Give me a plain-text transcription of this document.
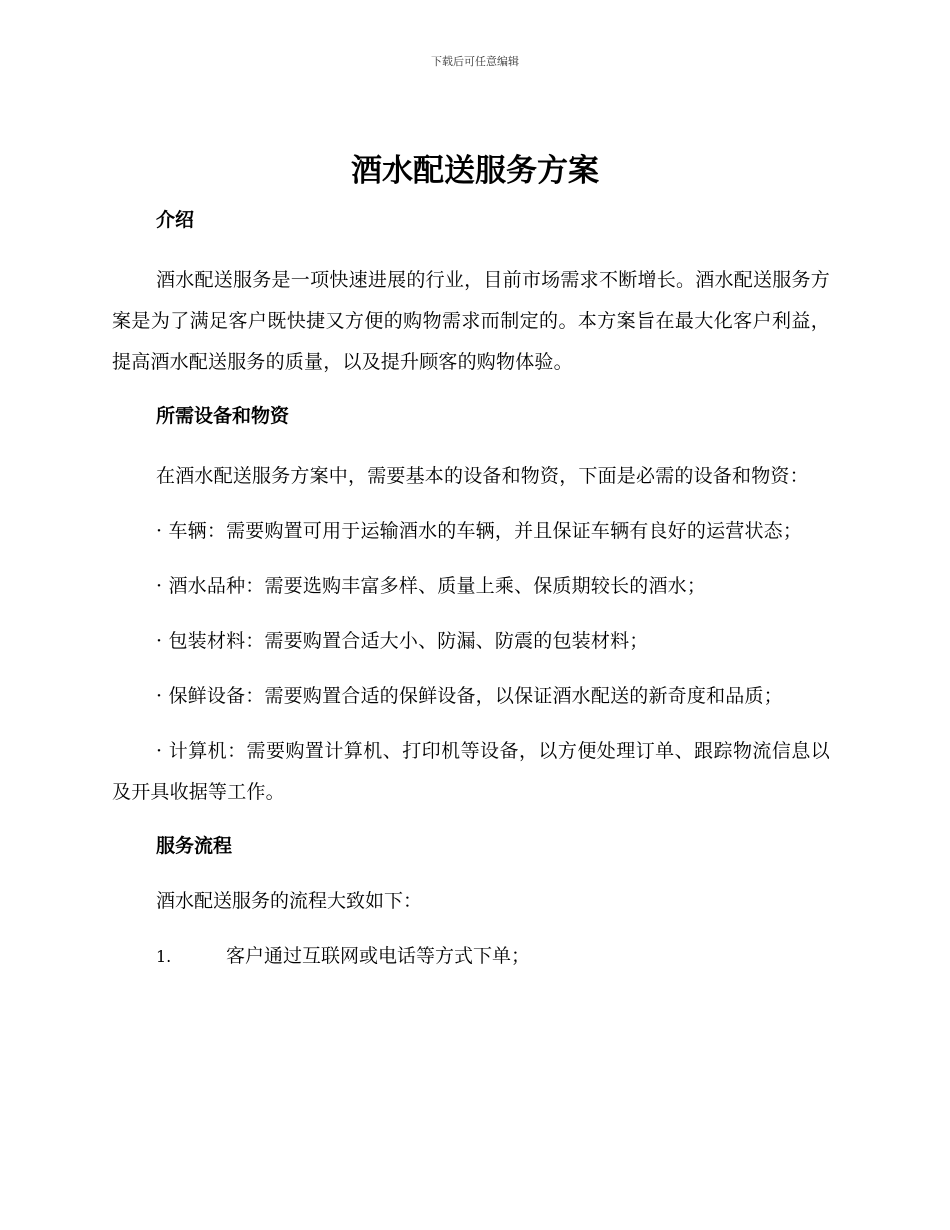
下载后可任意编辑
酒水配送服务方案
介绍

酒水配送服务是一项快速进展的行业，目前市场需求不断增长。酒水配送服务方案是为了满足客户既快捷又方便的购物需求而制定的。本方案旨在最大化客户利益，提高酒水配送服务的质量，以及提升顾客的购物体验。

所需设备和物资

在酒水配送服务方案中，需要基本的设备和物资，下面是必需的设备和物资：

· 车辆：需要购置可用于运输酒水的车辆，并且保证车辆有良好的运营状态；

· 酒水品种：需要选购丰富多样、质量上乘、保质期较长的酒水；

· 包装材料：需要购置合适大小、防漏、防震的包装材料；

· 保鲜设备：需要购置合适的保鲜设备，以保证酒水配送的新奇度和品质；

· 计算机：需要购置计算机、打印机等设备，以方便处理订单、跟踪物流信息以及开具收据等工作。

服务流程
酒水配送服务的流程大致如下：
1.	客户通过互联网或电话等方式下单；
